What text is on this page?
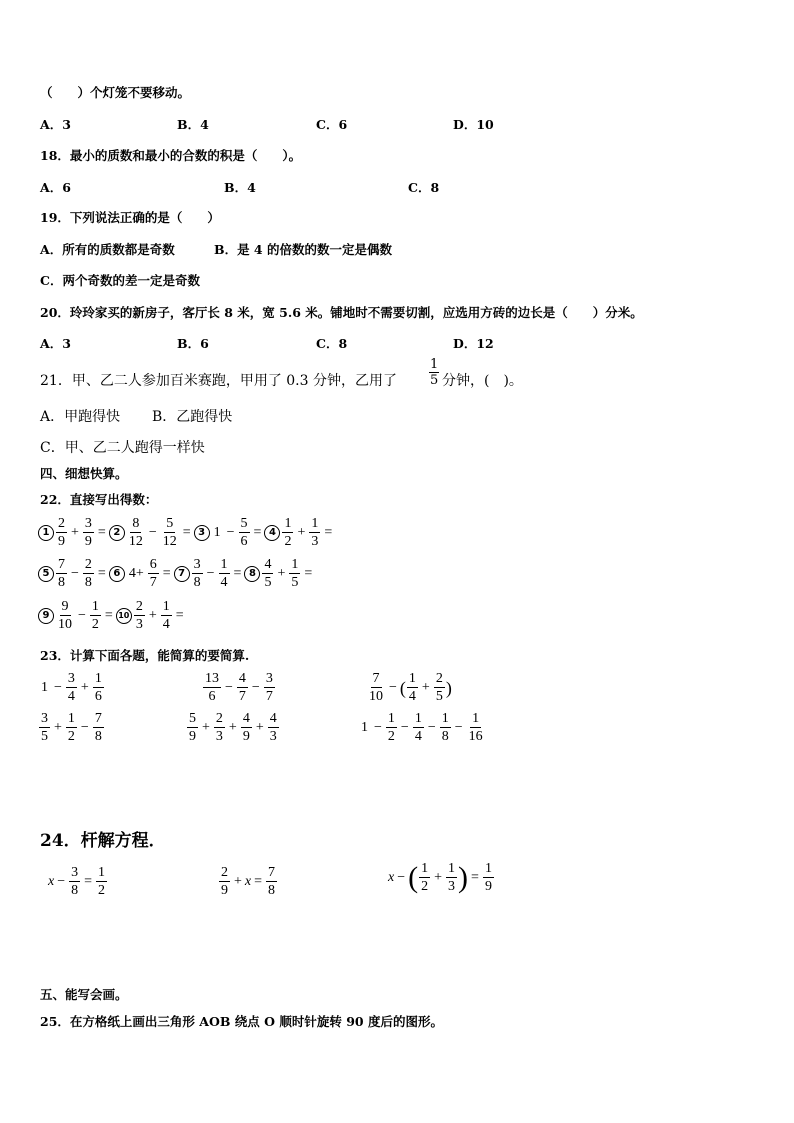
（　　）个灯笼不要移动。
A．3	B．4	C．6	D．10
18．最小的质数和最小的合数的积是（　　）。
A．6	B．4	C．8
19．下列说法正确的是（　　）
A．所有的质数都是奇数	B．是 4 的倍数的数一定是偶数
C．两个奇数的差一定是奇数
20．玲玲家买的新房子，客厅长 8 米，宽 5.6 米。铺地时不需要切割，应选用方砖的边长是（　　）分米。
A．3	B．6	C．8	D．12
21．甲、乙二人参加百米赛跑，甲用了 0.3 分钟，乙用了 $\frac{1}{5}$ 分钟，(　)。
A．甲跑得快 B．乙跑得快
C．甲、乙二人跑得一样快
四、细想快算。
22．直接写出得数：
$1 \frac{2}{9} + \frac{3}{9} = 2 \frac{8}{12} - \frac{5}{12} = 3$ $1 - \frac{5}{6} = 4 \frac{1}{2} + \frac{1}{3}$ =
$5 \frac{7}{8} - \frac{2}{8} = 6$ $4+ \frac{6}{7} = 7 \frac{3}{8} - \frac{1}{4} = 8 \frac{4}{5} + \frac{1}{5}$ =
$9 \frac{9}{10} - \frac{1}{2} = 10 \frac{2}{3} + \frac{1}{4}$ =
23．计算下面各题，能简算的要简算.
$1 - \frac{3}{4} + \frac{1}{6}$	$\frac{13}{6} - \frac{4}{7} - \frac{3}{7}$	$\frac{7}{10}$ − ( $\frac{1}{4} + \frac{2}{5}$ )
$\frac{3}{5} + \frac{1}{2} - \frac{7}{8}$	$\frac{5}{9} + \frac{2}{3} + \frac{4}{9} + \frac{4}{3}$	$1 - \frac{1}{2} - \frac{1}{4} - \frac{1}{8} - \frac{1}{16}$
24．杆解方程．
$x - \frac{3}{8} = \frac{1}{2}$	$\frac{2}{9} + x = \frac{7}{8}$	x − ( $\frac{1}{2} + \frac{1}{3}$ ) = $\frac{1}{9}$
五、能写会画。
25．在方格纸上画出三角形 AOB 绕点 O 顺时针旋转 90 度后的图形。
